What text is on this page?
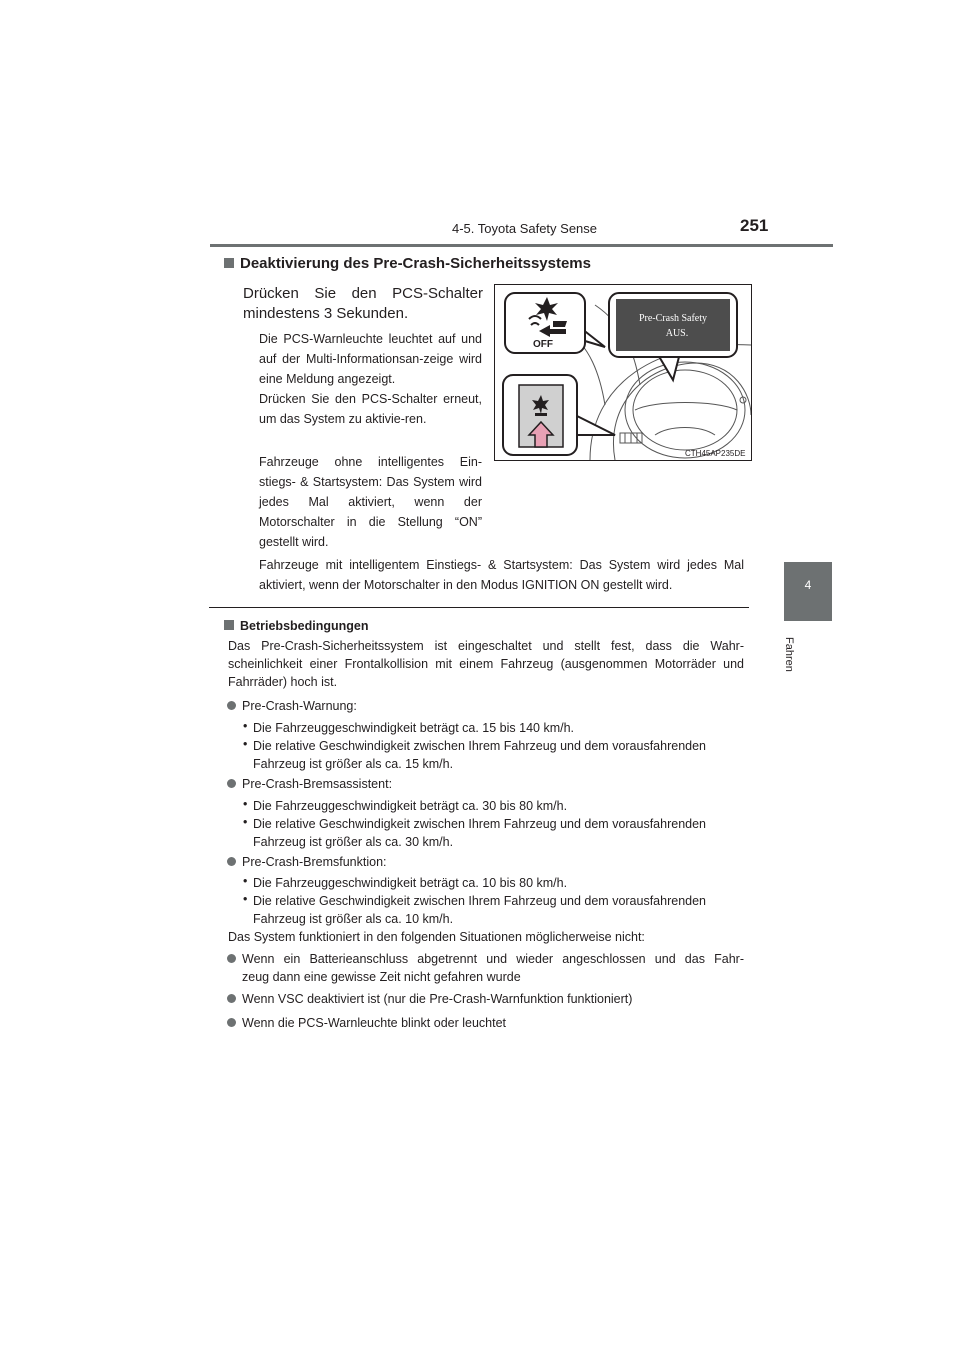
4-5. Toyota Safety Sense	251
4
Fahren
Deaktivierung des Pre-Crash-Sicherheitssystems
Drücken Sie den PCS-Schalter
mindestens 3 Sekunden.
Die PCS-Warnleuchte leuchtet auf und auf der Multi-Informationsan-zeige wird eine Meldung angezeigt.
Drücken Sie den PCS-Schalter erneut, um das System zu aktivie-ren.
Fahrzeuge ohne intelligentes Ein-stiegs- & Startsystem: Das System wird jedes Mal aktiviert, wenn der Motorschalter in die Stellung “ON” gestellt wird.
Fahrzeuge mit intelligentem Einstiegs- & Startsystem: Das System wird jedes Mal aktiviert, wenn der Motorschalter in den Modus IGNITION ON gestellt wird.
Pre-Crash Safety
AUS.
OFF
CTH45AP235DE
Betriebsbedingungen
Das Pre-Crash-Sicherheitssystem ist eingeschaltet und stellt fest, dass die Wahr-scheinlichkeit einer Frontalkollision mit einem Fahrzeug (ausgenommen Motorräder und Fahrräder) hoch ist.
Pre-Crash-Warnung:
• Die Fahrzeuggeschwindigkeit beträgt ca. 15 bis 140 km/h.
• Die relative Geschwindigkeit zwischen Ihrem Fahrzeug und dem vorausfahrenden
Fahrzeug ist größer als ca. 15 km/h.
Pre-Crash-Bremsassistent:
• Die Fahrzeuggeschwindigkeit beträgt ca. 30 bis 80 km/h.
• Die relative Geschwindigkeit zwischen Ihrem Fahrzeug und dem vorausfahrenden
Fahrzeug ist größer als ca. 30 km/h.
Pre-Crash-Bremsfunktion:
• Die Fahrzeuggeschwindigkeit beträgt ca. 10 bis 80 km/h.
• Die relative Geschwindigkeit zwischen Ihrem Fahrzeug und dem vorausfahrenden
Fahrzeug ist größer als ca. 10 km/h.
Das System funktioniert in den folgenden Situationen möglicherweise nicht:
Wenn ein Batterieanschluss abgetrennt und wieder angeschlossen und das Fahr-
zeug dann eine gewisse Zeit nicht gefahren wurde
Wenn VSC deaktiviert ist (nur die Pre-Crash-Warnfunktion funktioniert)
Wenn die PCS-Warnleuchte blinkt oder leuchtet
